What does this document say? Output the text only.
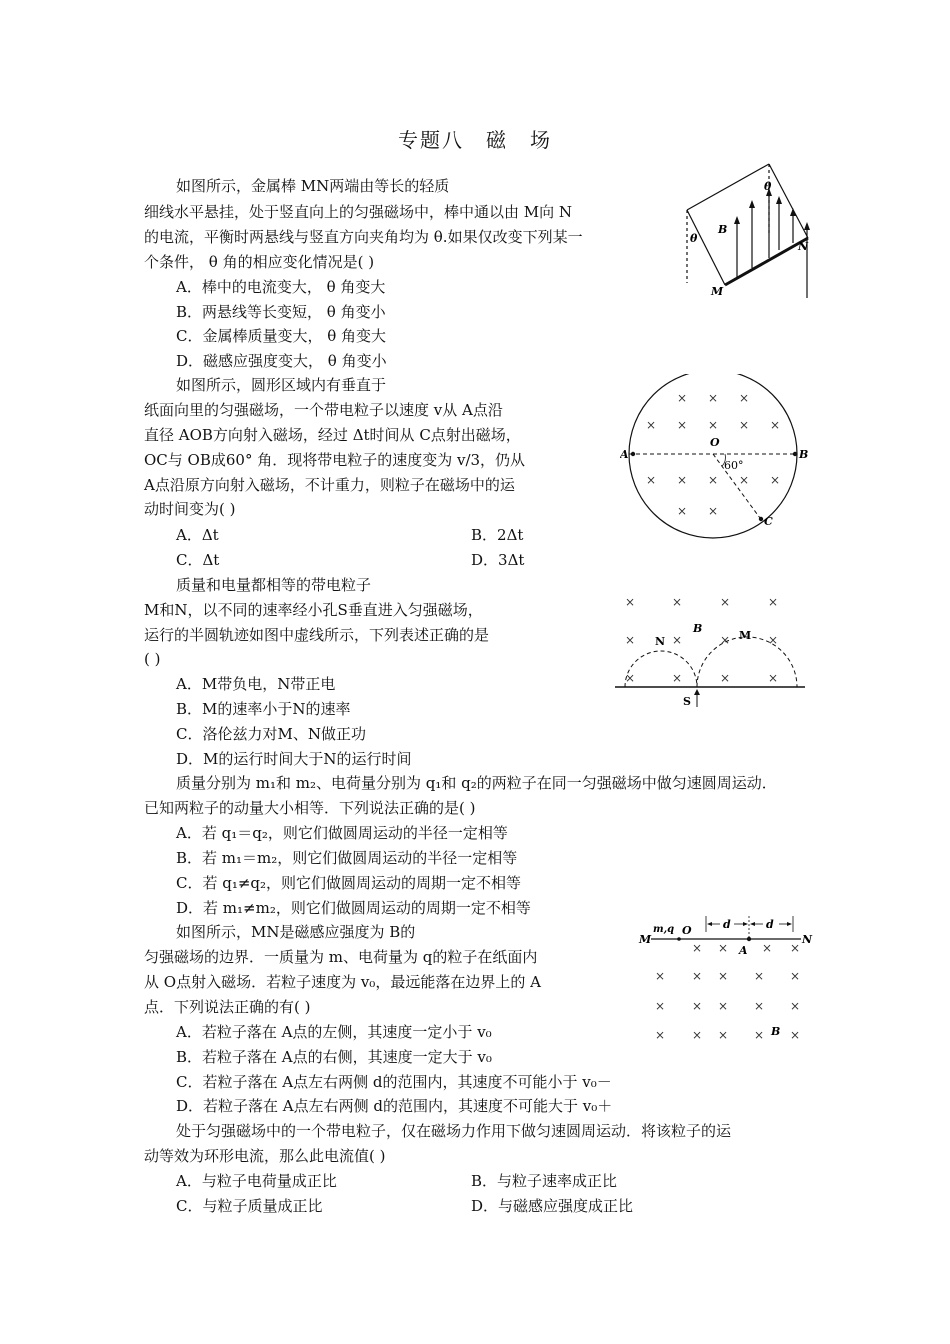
专题八　磁　场
如图所示，金属棒 MN两端由等长的轻质
细线水平悬挂，处于竖直向上的匀强磁场中，棒中通以由 M向 N
的电流，平衡时两悬线与竖直方向夹角均为 θ.如果仅改变下列某一
个条件， θ 角的相应变化情况是( )
A．棒中的电流变大， θ 角变大
B．两悬线等长变短， θ 角变小
C．金属棒质量变大， θ 角变大
D．磁感应强度变大， θ 角变小
θ
θ
B
M
N
如图所示，圆形区域内有垂直于
纸面向里的匀强磁场，一个带电粒子以速度 v从 A点沿
直径 AOB方向射入磁场，经过 Δt时间从 C点射出磁场，
OC与 OB成60° 角．现将带电粒子的速度变为 v/3，仍从
A点沿原方向射入磁场，不计重力，则粒子在磁场中的运
动时间变为( )
A．Δt	B．2Δt
C．Δt	D．3Δt
× × ×
× × × × ×
× × × × ×
× ×
A	B
O
C
60°
质量和电量都相等的带电粒子
M和N，以不同的速率经小孔S垂直进入匀强磁场，
运行的半圆轨迹如图中虚线所示，下列表述正确的是
( )
A．M带负电，N带正电
B．M的速率小于N的速率
C．洛伦兹力对M、N做正功
D．M的运行时间大于N的运行时间
×	×	×	×
×	×	×	×
×	×	×	×
N	M
B
S
质量分别为 m₁和 m₂、电荷量分别为 q₁和 q₂的两粒子在同一匀强磁场中做匀速圆周运动．
已知两粒子的动量大小相等．下列说法正确的是( )
A．若 q₁＝q₂，则它们做圆周运动的半径一定相等
B．若 m₁＝m₂，则它们做圆周运动的半径一定相等
C．若 q₁≠q₂，则它们做圆周运动的周期一定不相等
D．若 m₁≠m₂，则它们做圆周运动的周期一定不相等
如图所示，MN是磁感应强度为 B的
匀强磁场的边界．一质量为 m、电荷量为 q的粒子在纸面内
从 O点射入磁场．若粒子速度为 v₀，最远能落在边界上的 A
点．下列说法正确的有( )
A．若粒子落在 A点的左侧，其速度一定小于 v₀
B．若粒子落在 A点的右侧，其速度一定大于 v₀
C．若粒子落在 A点左右两侧 d的范围内，其速度不可能小于 v₀－
D．若粒子落在 A点左右两侧 d的范围内，其速度不可能大于 v₀＋
d	d
M	N
m,q O
A
B
× ×	× ×
× × × × ×
× × × × ×
× × × × ×
处于匀强磁场中的一个带电粒子，仅在磁场力作用下做匀速圆周运动．将该粒子的运
动等效为环形电流，那么此电流值( )
A．与粒子电荷量成正比	B．与粒子速率成正比
C．与粒子质量成正比	D．与磁感应强度成正比
